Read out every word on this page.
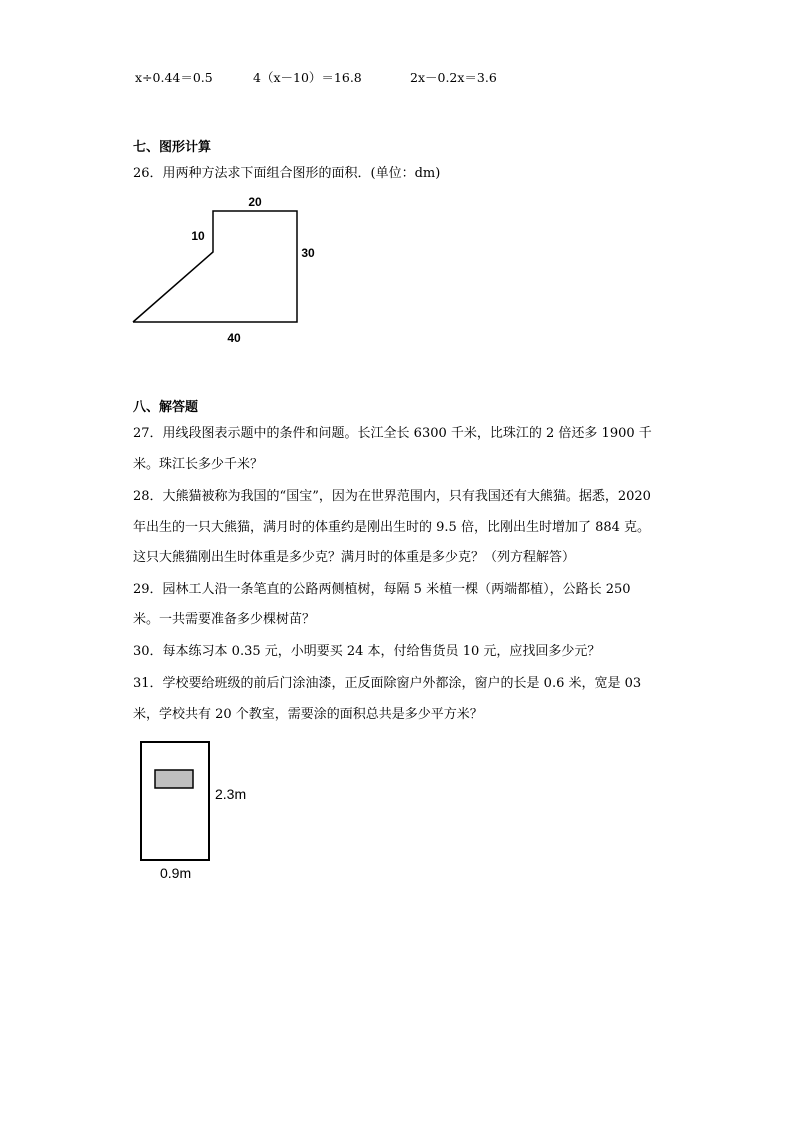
x÷0.44＝0.5	4（x－10）＝16.8	2x－0.2x＝3.6
七、图形计算
26．用两种方法求下面组合图形的面积．(单位：dm)
20
10
30
40
八、解答题
27．用线段图表示题中的条件和问题。长江全长 6300 千米，比珠江的 2 倍还多 1900 千
米。珠江长多少千米？
28．大熊猫被称为我国的“国宝”，因为在世界范围内，只有我国还有大熊猫。据悉，2020
年出生的一只大熊猫，满月时的体重约是刚出生时的 9.5 倍，比刚出生时增加了 884 克。
这只大熊猫刚出生时体重是多少克？满月时的体重是多少克？（列方程解答）
29．园林工人沿一条笔直的公路两侧植树，每隔 5 米植一棵（两端都植），公路长 250
米。一共需要准备多少棵树苗？
30．每本练习本 0.35 元，小明要买 24 本，付给售货员 10 元，应找回多少元？
31．学校要给班级的前后门涂油漆，正反面除窗户外都涂，窗户的长是 0.6 米，宽是 03
米，学校共有 20 个教室，需要涂的面积总共是多少平方米？
2.3m
0.9m
